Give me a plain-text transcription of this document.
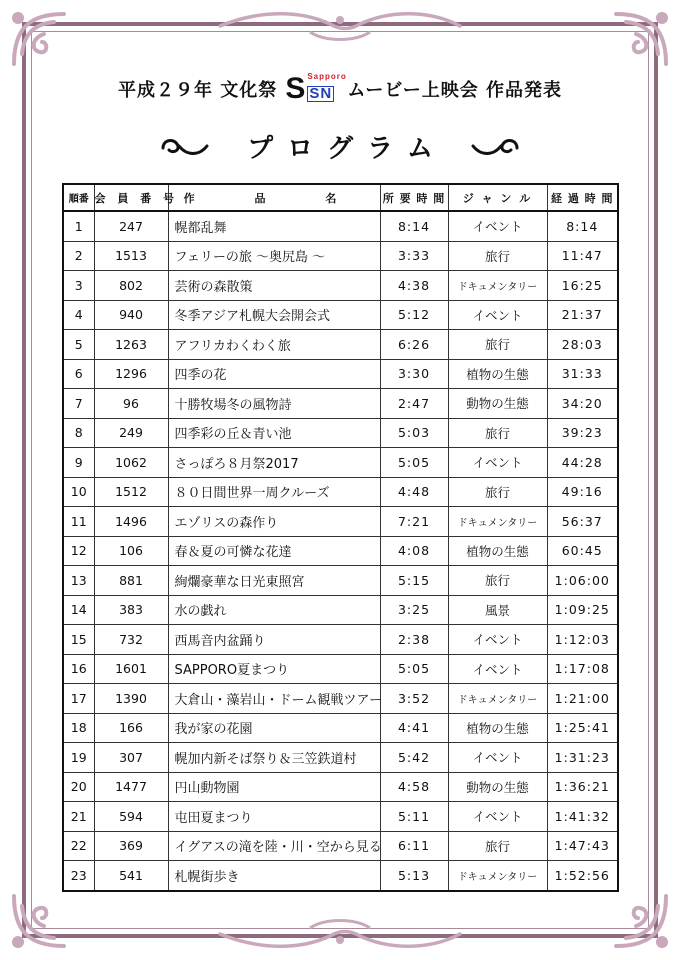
平成２９年 文化祭
Sapporo
S SN ムービー上映会 作品発表
プログラム
順番	会 員 番 号	作 品 名	所 要 時 間	ジ ャ ン ル	経 過 時 間
1	247	幌都乱舞	8:14	イベント	8:14
2	1513	フェリーの旅 ～奥尻島 ～	3:33	旅行	11:47
3	802	芸術の森散策	4:38	ドキュメンタリー	16:25
4	940	冬季アジア札幌大会開会式	5:12	イベント	21:37
5	1263	アフリカわくわく旅	6:26	旅行	28:03
6	1296	四季の花	3:30	植物の生態	31:33
7	96	十勝牧場冬の風物詩	2:47	動物の生態	34:20
8	249	四季彩の丘＆青い池	5:03	旅行	39:23
9	1062	さっぽろ８月祭2017	5:05	イベント	44:28
10	1512	８０日間世界一周クルーズ	4:48	旅行	49:16
11	1496	エゾリスの森作り	7:21	ドキュメンタリー	56:37
12	106	春＆夏の可憐な花達	4:08	植物の生態	60:45
13	881	絢爛豪華な日光東照宮	5:15	旅行	1:06:00
14	383	水の戯れ	3:25	風景	1:09:25
15	732	西馬音内盆踊り	2:38	イベント	1:12:03
16	1601	SAPPORO夏まつり	5:05	イベント	1:17:08
17	1390	大倉山・藻岩山・ドーム観戦ツアー	3:52	ドキュメンタリー	1:21:00
18	166	我が家の花園	4:41	植物の生態	1:25:41
19	307	幌加内新そば祭り＆三笠鉄道村	5:42	イベント	1:31:23
20	1477	円山動物園	4:58	動物の生態	1:36:21
21	594	屯田夏まつり	5:11	イベント	1:41:32
22	369	イグアスの滝を陸・川・空から見る	6:11	旅行	1:47:43
23	541	札幌街歩き	5:13	ドキュメンタリー	1:52:56
